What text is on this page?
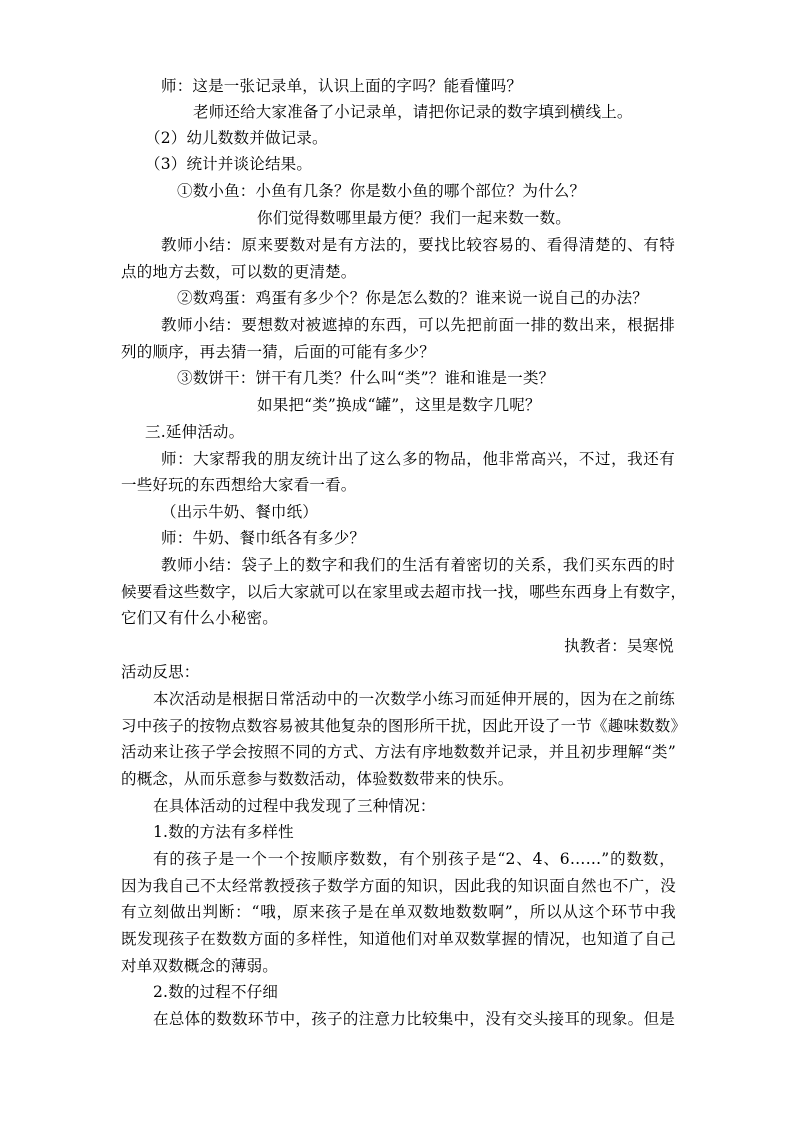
师：这是一张记录单，认识上面的字吗？能看懂吗？
老师还给大家准备了小记录单，请把你记录的数字填到横线上。
（2）幼儿数数并做记录。
（3）统计并谈论结果。
①数小鱼：小鱼有几条？你是数小鱼的哪个部位？为什么？
你们觉得数哪里最方便？我们一起来数一数。
教师小结：原来要数对是有方法的，要找比较容易的、看得清楚的、有特
点的地方去数，可以数的更清楚。
②数鸡蛋：鸡蛋有多少个？你是怎么数的？谁来说一说自己的办法？
教师小结：要想数对被遮掉的东西，可以先把前面一排的数出来，根据排
列的顺序，再去猜一猜，后面的可能有多少？
③数饼干：饼干有几类？什么叫“类”？谁和谁是一类？
如果把“类”换成“罐”，这里是数字几呢？
三.延伸活动。
师：大家帮我的朋友统计出了这么多的物品，他非常高兴，不过，我还有
一些好玩的东西想给大家看一看。
（出示牛奶、餐巾纸）
师：牛奶、餐巾纸各有多少？
教师小结：袋子上的数字和我们的生活有着密切的关系，我们买东西的时
候要看这些数字，以后大家就可以在家里或去超市找一找，哪些东西身上有数字，
它们又有什么小秘密。
执教者：吴寒悦
活动反思：
本次活动是根据日常活动中的一次数学小练习而延伸开展的，因为在之前练
习中孩子的按物点数容易被其他复杂的图形所干扰，因此开设了一节《趣味数数》
活动来让孩子学会按照不同的方式、方法有序地数数并记录，并且初步理解“类”
的概念，从而乐意参与数数活动，体验数数带来的快乐。
在具体活动的过程中我发现了三种情况：
1.数的方法有多样性
有的孩子是一个一个按顺序数数，有个别孩子是“2、4、6……”的数数，
因为我自己不太经常教授孩子数学方面的知识，因此我的知识面自然也不广，没
有立刻做出判断：“哦，原来孩子是在单双数地数数啊”，所以从这个环节中我
既发现孩子在数数方面的多样性，知道他们对单双数掌握的情况，也知道了自己
对单双数概念的薄弱。
2.数的过程不仔细
在总体的数数环节中，孩子的注意力比较集中，没有交头接耳的现象。但是
